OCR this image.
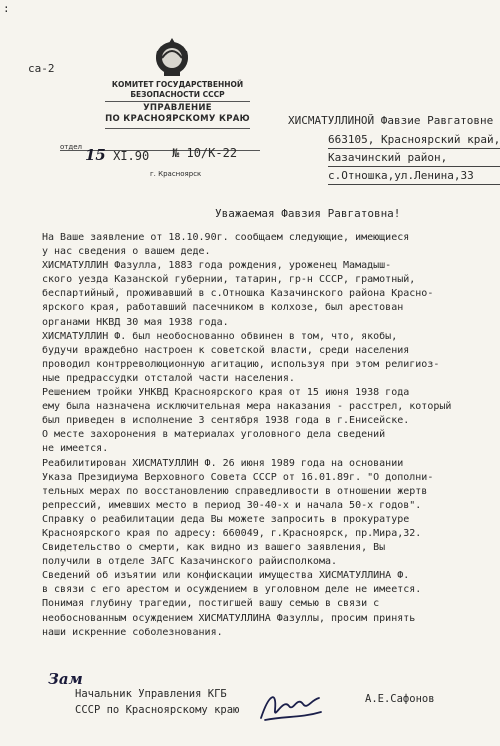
:
са-2
КОМИТЕТ ГОСУДАРСТВЕННОЙ
БЕЗОПАСНОСТИ СССР
УПРАВЛЕНИЕ
ПО КРАСНОЯРСКОМУ КРАЮ
отдел 15 ХI.90 № 10/К-22
г. Красноярск
ХИСМАТУЛЛИНОЙ Фавзие Равгатовне
663105, Красноярский край,
Казачинский район,
с.Отношка,ул.Ленина,33
Уважаемая Фавзия Равгатовна!
На Ваше заявление от 18.10.90г. сообщаем следующие, имеющиеся
у нас сведения о вашем деде.
ХИСМАТУЛЛИН Фазулла, 1883 года рождения, уроженец Мамадыш-
ского уезда Казанской губернии, татарин, гр-н СССР, грамотный,
беспартийный, проживавший в с.Отношка Казачинского района Красно-
ярского края, работавший пасечником в колхозе, был арестован
органами НКВД 30 мая 1938 года.
ХИСМАТУЛЛИН Ф. был необоснованно обвинен в том, что, якобы,
будучи враждебно настроен к советской власти, среди населения
проводил контрреволюционную агитацию, используя при этом религиоз-
ные предрассудки отсталой части населения.
Решением тройки УНКВД Красноярского края от 15 июня 1938 года
ему была назначена исключительная мера наказания - расстрел, который
был приведен в исполнение 3 сентября 1938 года в г.Енисейске.
О месте захоронения в материалах уголовного дела сведений
не имеется.
Реабилитирован ХИСМАТУЛЛИН Ф. 26 июня 1989 года на основании
Указа Президиума Верховного Совета СССР от 16.01.89г. "О дополни-
тельных мерах по восстановлению справедливости в отношении жертв
репрессий, имевших место в период 30-40-х и начала 50-х годов".
Справку о реабилитации деда Вы можете запросить в прокуратуре
Красноярского края по адресу: 660049, г.Красноярск, пр.Мира,32.
Свидетельство о смерти, как видно из вашего заявления, Вы
получили в отделе ЗАГС Казачинского райисполкома.
Сведений об изъятии или конфискации имущества ХИСМАТУЛЛИНА Ф.
в связи с его арестом и осуждением в уголовном деле не имеется.
Понимая глубину трагедии, постигшей вашу семью в связи с
необоснованным осуждением ХИСМАТУЛЛИНА Фазуллы, просим принять
наши искренние соболезнования.
Зам
Начальник Управления КГБ
СССР по Красноярскому краю
А.Е.Сафонов
